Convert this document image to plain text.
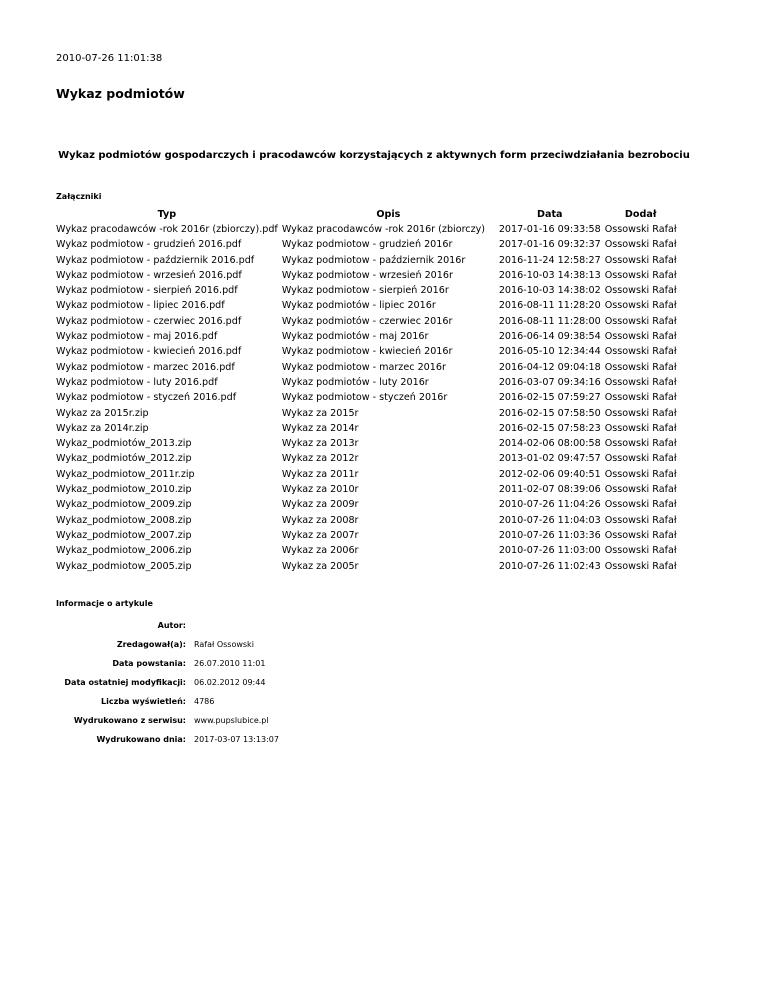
2010-07-26 11:01:38
Wykaz podmiotów
Wykaz podmiotów gospodarczych i pracodawców korzystających z aktywnych form przeciwdziałania bezrobociu
Załączniki
Typ	Opis	Data	Dodał
Wykaz pracodawców -rok 2016r (zbiorczy).pdf	Wykaz pracodawców -rok 2016r (zbiorczy)	2017-01-16 09:33:58	Ossowski Rafał
Wykaz podmiotow - grudzień 2016.pdf	Wykaz podmiotow - grudzień 2016r	2017-01-16 09:32:37	Ossowski Rafał
Wykaz podmiotow - październik 2016.pdf	Wykaz podmiotow - październik 2016r	2016-11-24 12:58:27	Ossowski Rafał
Wykaz podmiotow - wrzesień 2016.pdf	Wykaz podmiotow - wrzesień 2016r	2016-10-03 14:38:13	Ossowski Rafał
Wykaz podmiotow - sierpień 2016.pdf	Wykaz podmiotow - sierpień 2016r	2016-10-03 14:38:02	Ossowski Rafał
Wykaz podmiotow - lipiec 2016.pdf	Wykaz podmiotów - lipiec 2016r	2016-08-11 11:28:20	Ossowski Rafał
Wykaz podmiotow - czerwiec 2016.pdf	Wykaz podmiotów - czerwiec 2016r	2016-08-11 11:28:00	Ossowski Rafał
Wykaz podmiotow - maj 2016.pdf	Wykaz podmiotów - maj 2016r	2016-06-14 09:38:54	Ossowski Rafał
Wykaz podmiotow - kwiecień 2016.pdf	Wykaz podmiotow - kwiecień 2016r	2016-05-10 12:34:44	Ossowski Rafał
Wykaz podmiotow - marzec 2016.pdf	Wykaz podmiotow - marzec 2016r	2016-04-12 09:04:18	Ossowski Rafał
Wykaz podmiotow - luty 2016.pdf	Wykaz podmiotów - luty 2016r	2016-03-07 09:34:16	Ossowski Rafał
Wykaz podmiotow - styczeń 2016.pdf	Wykaz podmiotow - styczeń 2016r	2016-02-15 07:59:27	Ossowski Rafał
Wykaz za 2015r.zip	Wykaz za 2015r	2016-02-15 07:58:50	Ossowski Rafał
Wykaz za 2014r.zip	Wykaz za 2014r	2016-02-15 07:58:23	Ossowski Rafał
Wykaz_podmiotów_2013.zip	Wykaz za 2013r	2014-02-06 08:00:58	Ossowski Rafał
Wykaz_podmiotów_2012.zip	Wykaz za 2012r	2013-01-02 09:47:57	Ossowski Rafał
Wykaz_podmiotow_2011r.zip	Wykaz za 2011r	2012-02-06 09:40:51	Ossowski Rafał
Wykaz_podmiotow_2010.zip	Wykaz za 2010r	2011-02-07 08:39:06	Ossowski Rafał
Wykaz_podmiotow_2009.zip	Wykaz za 2009r	2010-07-26 11:04:26	Ossowski Rafał
Wykaz_podmiotow_2008.zip	Wykaz za 2008r	2010-07-26 11:04:03	Ossowski Rafał
Wykaz_podmiotow_2007.zip	Wykaz za 2007r	2010-07-26 11:03:36	Ossowski Rafał
Wykaz_podmiotow_2006.zip	Wykaz za 2006r	2010-07-26 11:03:00	Ossowski Rafał
Wykaz_podmiotow_2005.zip	Wykaz za 2005r	2010-07-26 11:02:43	Ossowski Rafał
Informacje o artykule
Autor:	
Zredagował(a):	Rafał Ossowski
Data powstania:	26.07.2010 11:01
Data ostatniej modyfikacji:	06.02.2012 09:44
Liczba wyświetleń:	4786
Wydrukowano z serwisu:	www.pupslubice.pl
Wydrukowano dnia:	2017-03-07 13:13:07
